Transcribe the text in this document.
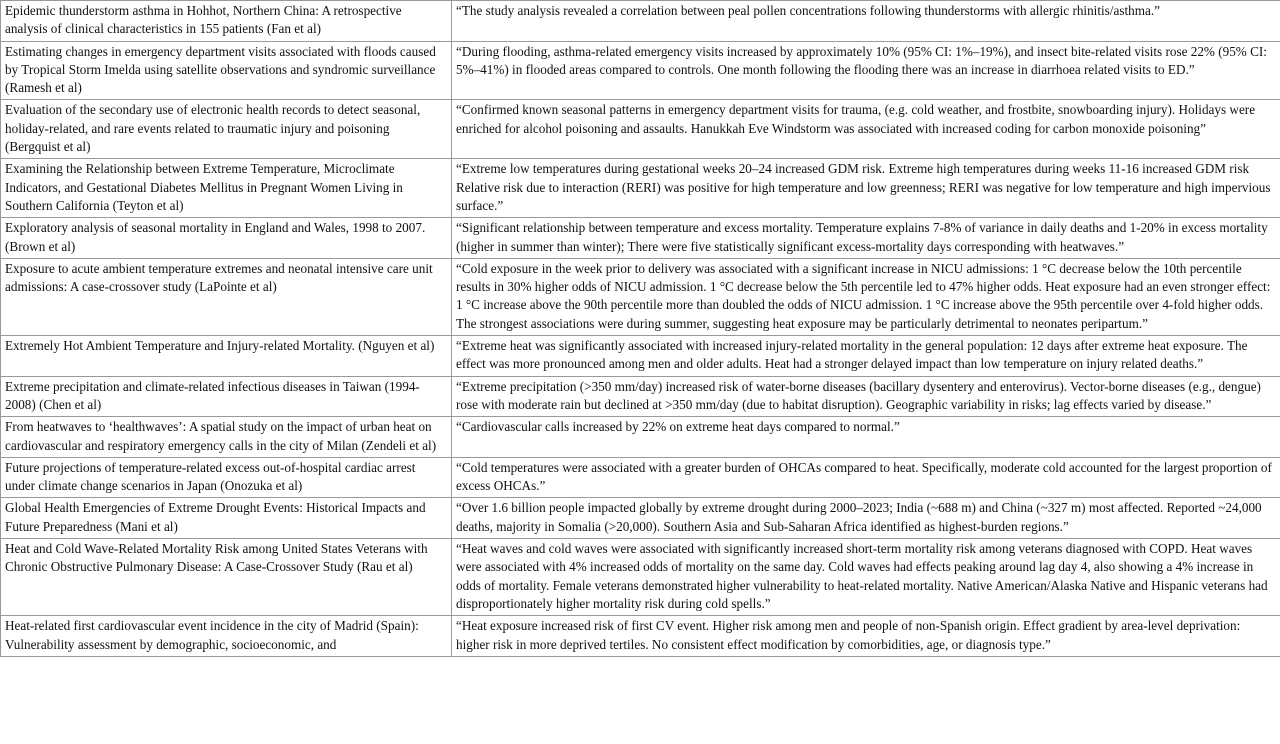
Epidemic thunderstorm asthma in Hohhot, Northern China: A retrospective analysis of clinical characteristics in 155 patients (Fan et al)	“The study analysis revealed a correlation between peal pollen concentrations following thunderstorms with allergic rhinitis/asthma.”
Estimating changes in emergency department visits associated with floods caused by Tropical Storm Imelda using satellite observations and syndromic surveillance (Ramesh et al)	“During flooding, asthma-related emergency visits increased by approximately 10% (95% CI: 1%–19%), and insect bite-related visits rose 22% (95% CI: 5%–41%) in flooded areas compared to controls. One month following the flooding there was an increase in diarrhoea related visits to ED.”
Evaluation of the secondary use of electronic health records to detect seasonal, holiday-related, and rare events related to traumatic injury and poisoning (Bergquist et al)	“Confirmed known seasonal patterns in emergency department visits for trauma, (e.g. cold weather, and frostbite, snowboarding injury). Holidays were enriched for alcohol poisoning and assaults. Hanukkah Eve Windstorm was associated with increased coding for carbon monoxide poisoning”
Examining the Relationship between Extreme Temperature, Microclimate Indicators, and Gestational Diabetes Mellitus in Pregnant Women Living in Southern California (Teyton et al)	“Extreme low temperatures during gestational weeks 20–24 increased GDM risk. Extreme high temperatures during weeks 11-16 increased GDM risk Relative risk due to interaction (RERI) was positive for high temperature and low greenness; RERI was negative for low temperature and high impervious surface.”
Exploratory analysis of seasonal mortality in England and Wales, 1998 to 2007. (Brown et al)	“Significant relationship between temperature and excess mortality. Temperature explains 7-8% of variance in daily deaths and 1-20% in excess mortality (higher in summer than winter); There were five statistically significant excess-mortality days corresponding with heatwaves.”
Exposure to acute ambient temperature extremes and neonatal intensive care unit admissions: A case-crossover study (LaPointe et al)	“Cold exposure in the week prior to delivery was associated with a significant increase in NICU admissions: 1 °C decrease below the 10th percentile results in 30% higher odds of NICU admission. 1 °C decrease below the 5th percentile led to 47% higher odds. Heat exposure had an even stronger effect: 1 °C increase above the 90th percentile more than doubled the odds of NICU admission. 1 °C increase above the 95th percentile over 4-fold higher odds. The strongest associations were during summer, suggesting heat exposure may be particularly detrimental to neonates peripartum.”
Extremely Hot Ambient Temperature and Injury-related Mortality. (Nguyen et al)	“Extreme heat was significantly associated with increased injury-related mortality in the general population: 12 days after extreme heat exposure. The effect was more pronounced among men and older adults. Heat had a stronger delayed impact than low temperature on injury related deaths.”
Extreme precipitation and climate-related infectious diseases in Taiwan (1994-2008) (Chen et al)	“Extreme precipitation (>350 mm/day) increased risk of water-borne diseases (bacillary dysentery and enterovirus). Vector-borne diseases (e.g., dengue) rose with moderate rain but declined at >350 mm/day (due to habitat disruption). Geographic variability in risks; lag effects varied by disease.”
From heatwaves to ‘healthwaves’: A spatial study on the impact of urban heat on cardiovascular and respiratory emergency calls in the city of Milan (Zendeli et al)	“Cardiovascular calls increased by 22% on extreme heat days compared to normal.”
Future projections of temperature-related excess out-of-hospital cardiac arrest under climate change scenarios in Japan (Onozuka et al)	“Cold temperatures were associated with a greater burden of OHCAs compared to heat. Specifically, moderate cold accounted for the largest proportion of excess OHCAs.”
Global Health Emergencies of Extreme Drought Events: Historical Impacts and Future Preparedness (Mani et al)	“Over 1.6 billion people impacted globally by extreme drought during 2000–2023; India (~688 m) and China (~327 m) most affected. Reported ~24,000 deaths, majority in Somalia (>20,000). Southern Asia and Sub-Saharan Africa identified as highest-burden regions.”
Heat and Cold Wave-Related Mortality Risk among United States Veterans with Chronic Obstructive Pulmonary Disease: A Case-Crossover Study (Rau et al)	“Heat waves and cold waves were associated with significantly increased short-term mortality risk among veterans diagnosed with COPD. Heat waves were associated with 4% increased odds of mortality on the same day. Cold waves had effects peaking around lag day 4, also showing a 4% increase in odds of mortality. Female veterans demonstrated higher vulnerability to heat-related mortality. Native American/Alaska Native and Hispanic veterans had disproportionately higher mortality risk during cold spells.”
Heat-related first cardiovascular event incidence in the city of Madrid (Spain): Vulnerability assessment by demographic, socioeconomic, and	“Heat exposure increased risk of first CV event. Higher risk among men and people of non-Spanish origin. Effect gradient by area-level deprivation: higher risk in more deprived tertiles. No consistent effect modification by comorbidities, age, or diagnosis type.”
